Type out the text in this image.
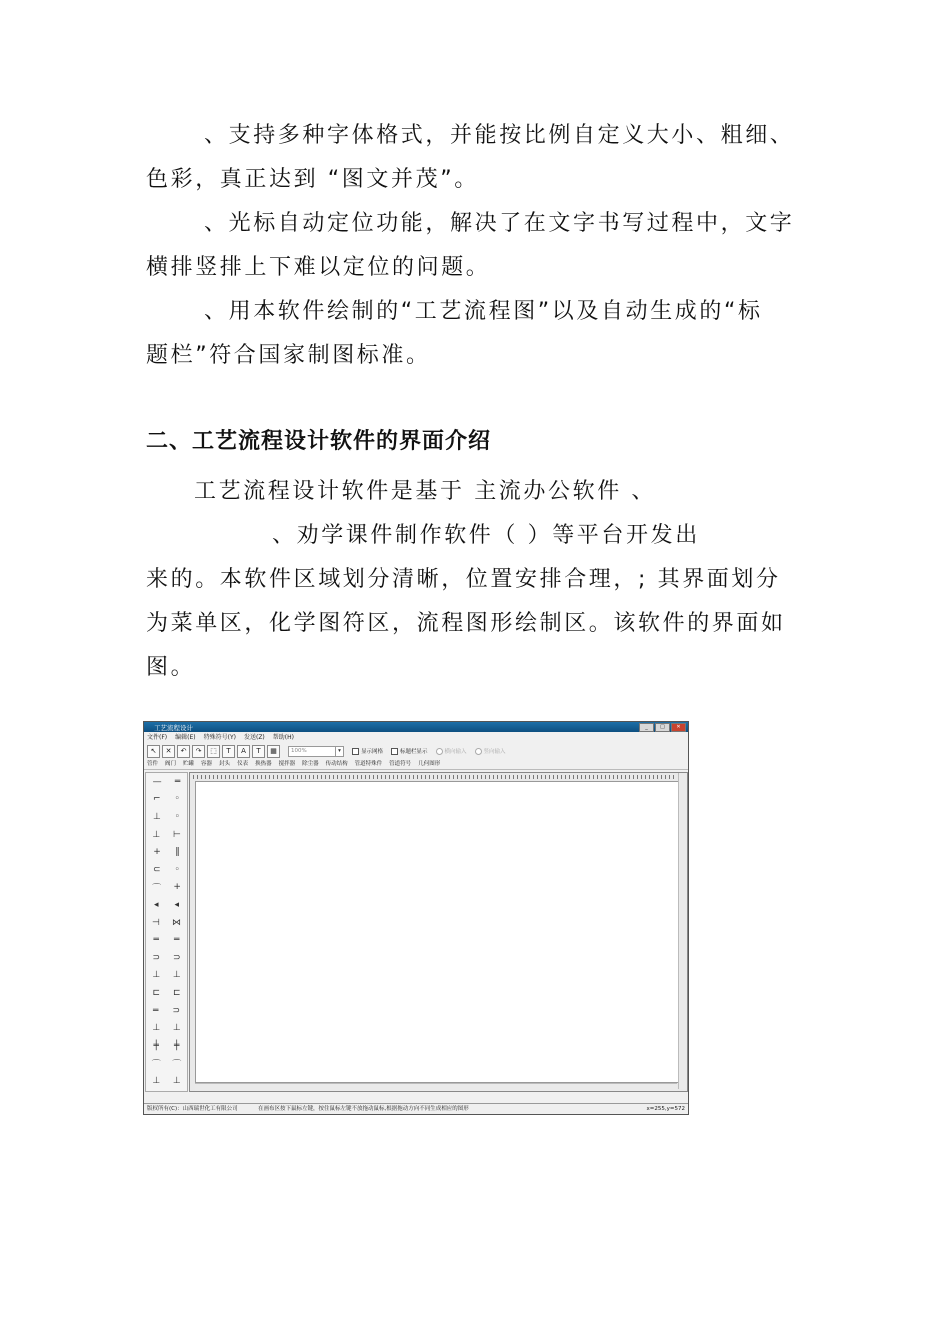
、支持多种字体格式，并能按比例自定义大小、粗细、
色彩，真正达到 “图文并茂”。
、光标自动定位功能，解决了在文字书写过程中，文字
横排竖排上下难以定位的问题。
、用本软件绘制的“工艺流程图”以及自动生成的“标
题栏”符合国家制图标准。
二、工艺流程设计软件的界面介绍
工艺流程设计软件是基于 主流办公软件 、
、劝学课件制作软件（ ）等平台开发出
来的。本软件区域划分清晰，位置安排合理，; 其界面划分
为菜单区，化学图符区，流程图形绘制区。该软件的界面如
图。
工艺流程设计	_	□	✕
文件(F) 编辑(E) 特殊符号(Y) 发送(Z) 帮助(H)
↖	✕	↶	↷	⬚	T	A	T	▦	100%	▾	显示网格	标题栏显示	横向输入	竖向输入
管件 阀门 贮罐 容器 封头 仪表 换热器 搅拌器 除尘器 传动结构 管道特殊件 管道符号 几何图形
— ═
⌐ ◦
⊥ ◦
⊥ ⊢
+ ‖
⊂ ◦
⌒ +
◂ ◂
⊣ ⋈
═ ═
⊃ ⊃
⊥ ⊥
⊏ ⊏
═ ⊃
⊥ ⊥
╪ ╪
⌒ ⌒
⊥ ⊥
版权所有(C)：山西瑞世化工有限公司	在画布区按下鼠标左键，按住鼠标左键不放拖动鼠标,根据拖动方向不同生成相应的图形	x=255,y=572
